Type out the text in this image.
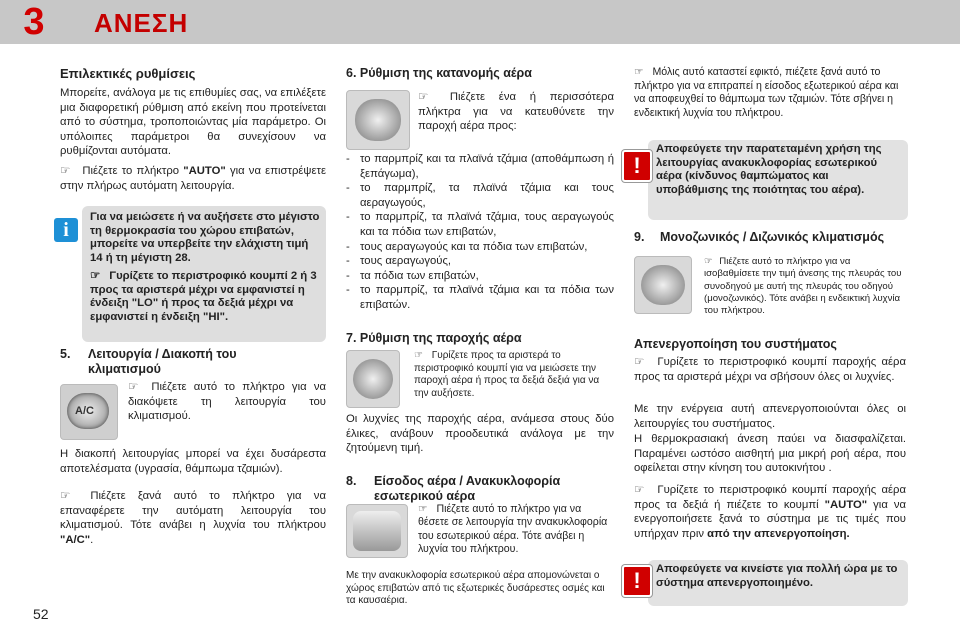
3	ΑΝΕΣΗ
Επιλεκτικές ρυθμίσεις
Μπορείτε, ανάλογα με τις επιθυμίες σας, να επιλέξετε μια διαφορετική ρύθμιση από εκείνη που προτείνεται από το σύστημα, τροποποιώντας μία παράμετρο. Οι υπόλοιπες παράμετροι θα συνεχίσουν να ρυθμίζονται αυτόματα.
☞ Πιέζετε το πλήκτρο "AUTO" για να επιστρέψετε στην πλήρως αυτόματη λειτουργία.
i
Για να μειώσετε ή να αυξήσετε στο μέγιστο τη θερμοκρασία του χώρου επιβατών, μπορείτε να υπερβείτε την ελάχιστη τιμή 14 ή τη μέγιστη 28.
☞ Γυρίζετε το περιστροφικό κουμπί 2 ή 3 προς τα αριστερά μέχρι να εμφανιστεί η ένδειξη "LO" ή προς τα δεξιά μέχρι να εμφανιστεί η ένδειξη "HI".
5. Λειτουργία / Διακοπή του κλιματισμού
A/C
☞ Πιέζετε αυτό το πλήκτρο για να διακόψετε τη λειτουργία του κλιματισμού.
Η διακοπή λειτουργίας μπορεί να έχει δυσάρεστα αποτελέσματα (υγρασία, θάμπωμα τζαμιών).
☞ Πιέζετε ξανά αυτό το πλήκτρο για να επαναφέρετε την αυτόματη λειτουργία του κλιματισμού. Τότε ανάβει η λυχνία του πλήκτρου "A/C".
52
6. Ρύθμιση της κατανομής αέρα
☞ Πιέζετε ένα ή περισσότερα πλήκτρα για να κατευθύνετε την παροχή αέρα προς:
- το παρμπρίζ και τα πλαϊνά τζάμια (αποθάμπωση ή ξεπάγωμα),
- το παρμπρίζ, τα πλαϊνά τζάμια και τους αεραγωγούς,
- το παρμπρίζ, τα πλαϊνά τζάμια, τους αεραγωγούς και τα πόδια των επιβατών,
- τους αεραγωγούς και τα πόδια των επιβατών,
- τους αεραγωγούς,
- τα πόδια των επιβατών,
- το παρμπρίζ, τα πλαϊνά τζάμια και τα πόδια των επιβατών.
7. Ρύθμιση της παροχής αέρα
☞ Γυρίζετε προς τα αριστερά το περιστροφικό κουμπί για να μειώσετε την παροχή αέρα ή προς τα δεξιά δεξιά για να την αυξήσετε.
Οι λυχνίες της παροχής αέρα, ανάμεσα στους δύο έλικες, ανάβουν προοδευτικά ανάλογα με την ζητούμενη τιμή.
8. Είσοδος αέρα / Ανακυκλοφορία εσωτερικού αέρα
☞ Πιέζετε αυτό το πλήκτρο για να θέσετε σε λειτουργία την ανακυκλοφορία του εσωτερικού αέρα. Τότε ανάβει η λυχνία του πλήκτρου.
Με την ανακυκλοφορία εσωτερικού αέρα απομονώνεται ο χώρος επιβατών από τις εξωτερικές δυσάρεστες οσμές και τα καυσαέρια.
☞ Μόλις αυτό καταστεί εφικτό, πιέζετε ξανά αυτό το πλήκτρο για να επιτραπεί η είσοδος εξωτερικού αέρα και να αποφευχθεί το θάμπωμα των τζαμιών. Τότε σβήνει η ενδεικτική λυχνία του πλήκτρου.
!
Αποφεύγετε την παρατεταμένη χρήση της λειτουργίας ανακυκλοφορίας εσωτερικού αέρα (κίνδυνος θαμπώματος και υποβάθμισης της ποιότητας του αέρα).
9. Μονοζωνικός / Διζωνικός κλιματισμός
☞ Πιέζετε αυτό το πλήκτρο για να ισοβαθμίσετε την τιμή άνεσης της πλευράς του συνοδηγού με αυτή της πλευράς του οδηγού (μονοζωνικός). Τότε ανάβει η ενδεικτική λυχνία του πλήκτρου.
Απενεργοποίηση του συστήματος
☞ Γυρίζετε το περιστροφικό κουμπί παροχής αέρα προς τα αριστερά μέχρι να σβήσουν όλες οι λυχνίες.
Με την ενέργεια αυτή απενεργοποιούνται όλες οι λειτουργίες του συστήματος.
Η θερμοκρασιακή άνεση παύει να διασφαλίζεται. Παραμένει ωστόσο αισθητή μια μικρή ροή αέρα, που οφείλεται στην κίνηση του αυτοκινήτου .
☞ Γυρίζετε το περιστροφικό κουμπί παροχής αέρα προς τα δεξιά ή πιέζετε το κουμπί "AUTO" για να ενεργοποιήσετε ξανά το σύστημα με τις τιμές που υπήρχαν πριν από την απενεργοποίηση.
!	Αποφεύγετε να κινείστε για πολλή ώρα με το σύστημα απενεργοποιημένο.
